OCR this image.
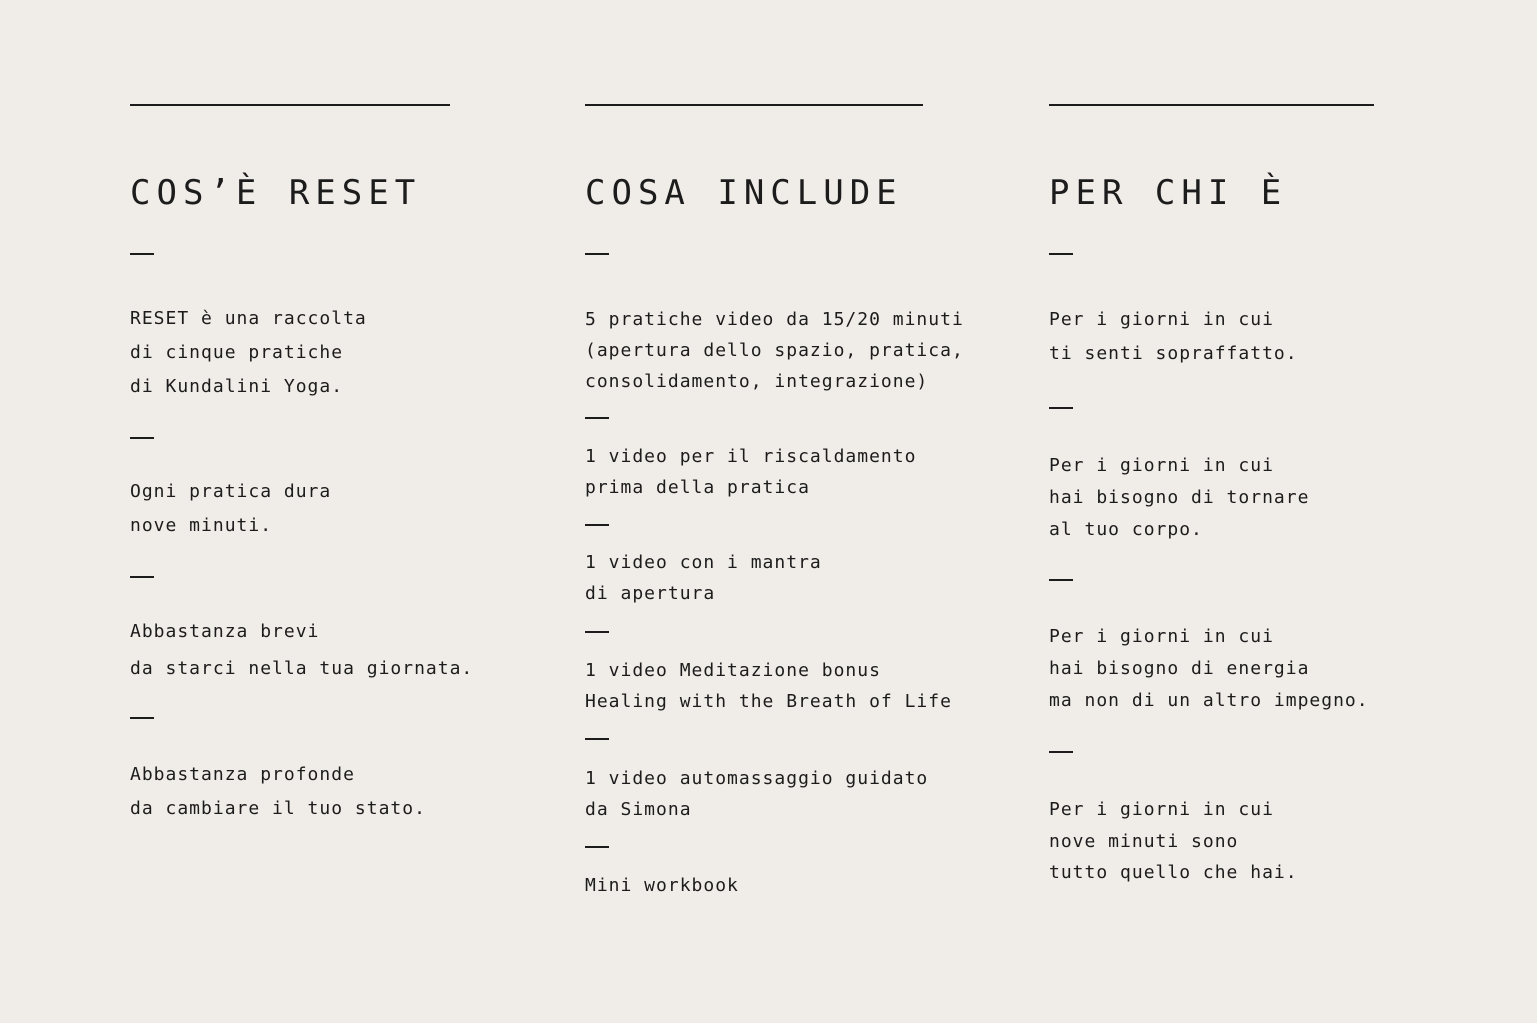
COS’È RESET
RESET è una raccolta
di cinque pratiche
di Kundalini Yoga.
Ogni pratica dura
nove minuti.
Abbastanza brevi
da starci nella tua giornata.
Abbastanza profonde
da cambiare il tuo stato.
COSA INCLUDE
5 pratiche video da 15/20 minuti
(apertura dello spazio, pratica,
consolidamento, integrazione)
1 video per il riscaldamento
prima della pratica
1 video con i mantra
di apertura
1 video Meditazione bonus
Healing with the Breath of Life
1 video automassaggio guidato
da Simona
Mini workbook
PER CHI È
Per i giorni in cui
ti senti sopraffatto.
Per i giorni in cui
hai bisogno di tornare
al tuo corpo.
Per i giorni in cui
hai bisogno di energia
ma non di un altro impegno.
Per i giorni in cui
nove minuti sono
tutto quello che hai.
